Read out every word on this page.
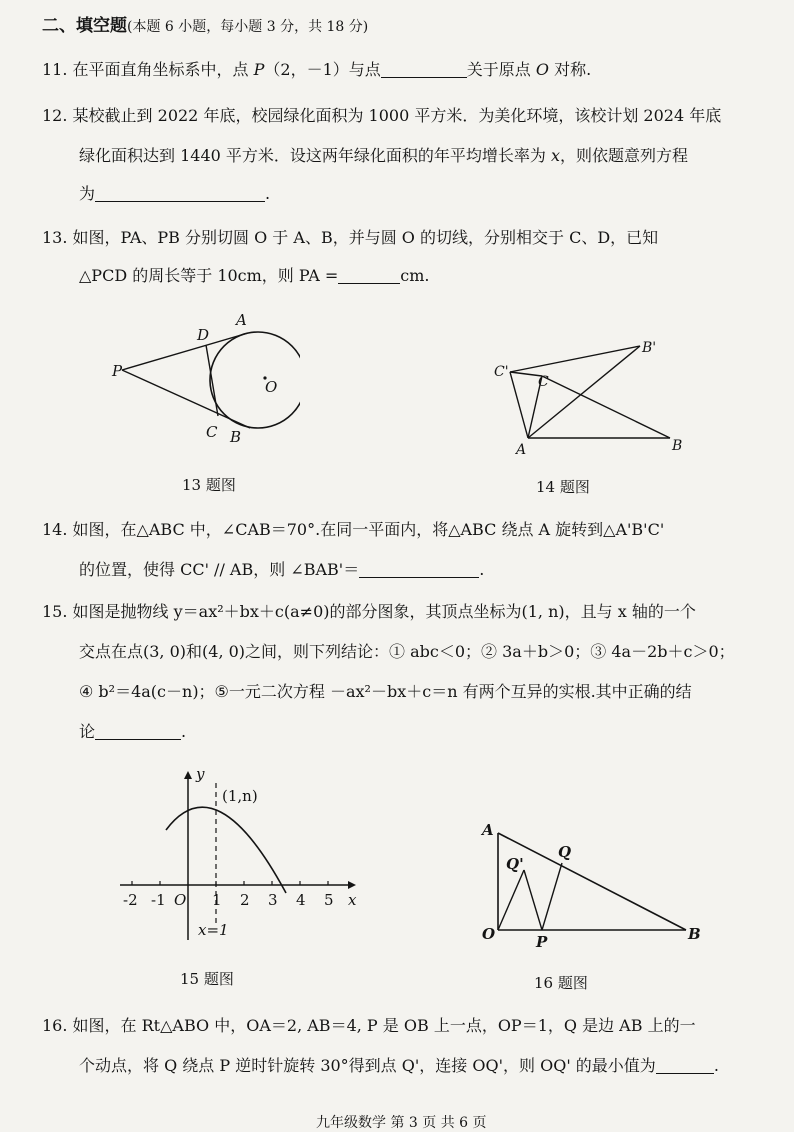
二、填空题(本题 6 小题，每小题 3 分，共 18 分)
11. 在平面直角坐标系中，点 P（2，－1）与点	关于原点 O 对称.
12. 某校截止到 2022 年底，校园绿化面积为 1000 平方米．为美化环境，该校计划 2024 年底
绿化面积达到 1440 平方米．设这两年绿化面积的年平均增长率为 x，则依题意列方程
为	.
13. 如图，PA、PB 分别切圆 O 于 A、B，并与圆 O 的切线，分别相交于 C、D，已知
△PCD 的周长等于 10cm，则 PA =	cm.
P
D
A
O
C B
13 题图
C'
C
B'
A	B
14 题图
14. 如图，在△ABC 中，∠CAB＝70°.在同一平面内，将△ABC 绕点 A 旋转到△A'B'C'
的位置，使得 CC' // AB，则 ∠BAB'＝	.
15. 如图是抛物线 y＝ax²＋bx＋c(a≠0)的部分图象，其顶点坐标为(1, n)，且与 x 轴的一个
交点在点(3, 0)和(4, 0)之间，则下列结论：① abc＜0；② 3a＋b＞0；③ 4a－2b＋c＞0；
④ b²＝4a(c－n)；⑤一元二次方程 －ax²－bx＋c＝n 有两个互异的实根.其中正确的结
论	.
-2 -1	1 2 3 4 5
y
x
(1,n)
x=1
O
15 题图
A
Q'
Q
O	P	B
16 题图
16. 如图，在 Rt△ABO 中，OA＝2, AB＝4, P 是 OB 上一点，OP＝1，Q 是边 AB 上的一
个动点，将 Q 绕点 P 逆时针旋转 30°得到点 Q'，连接 OQ'，则 OQ' 的最小值为	.
九年级数学 第 3 页 共 6 页
